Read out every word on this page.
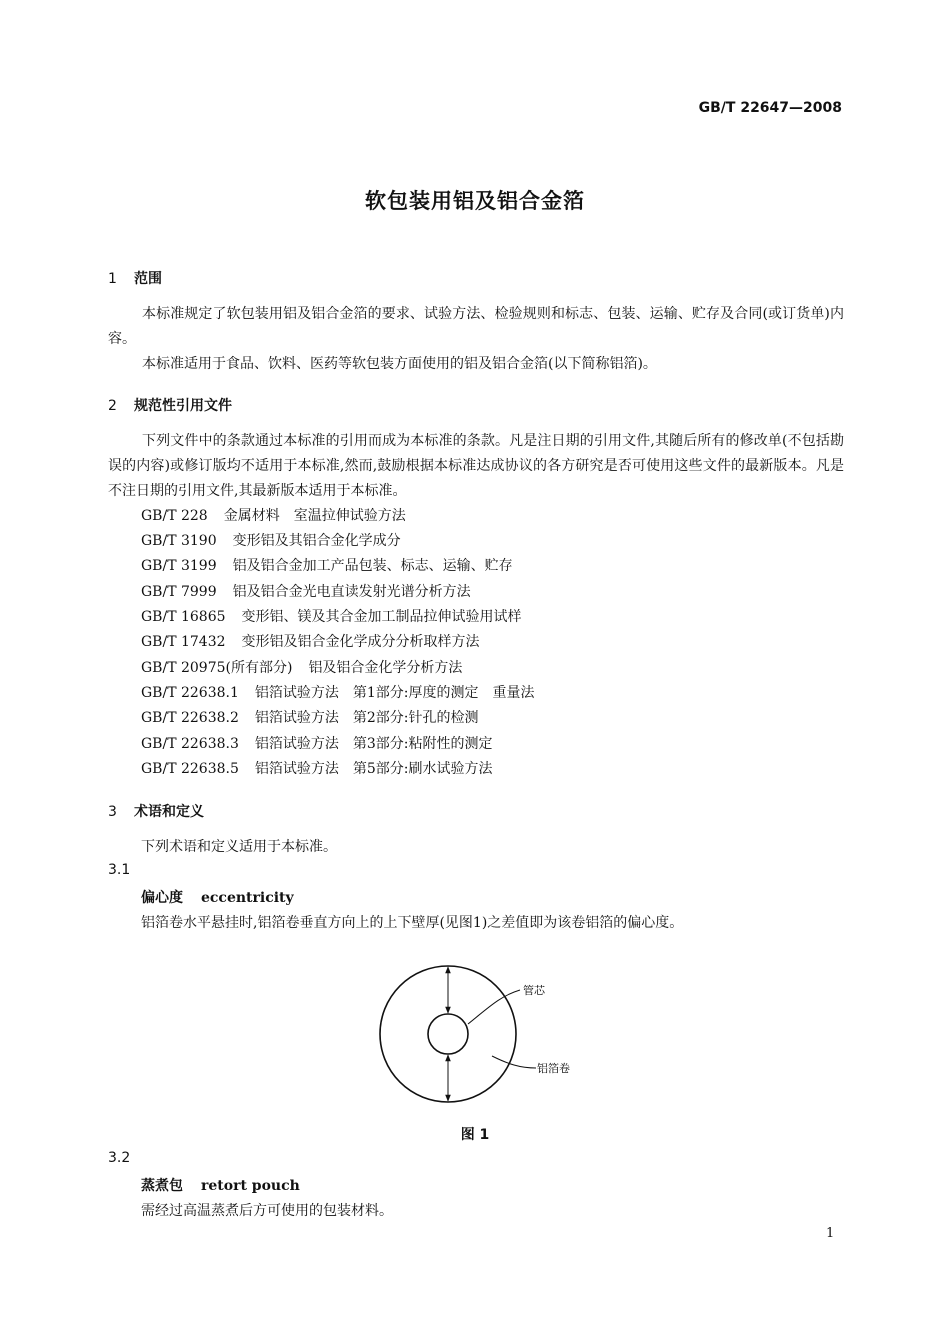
GB/T 22647—2008
软包装用铝及铝合金箔
1 范围
本标准规定了软包装用铝及铝合金箔的要求、试验方法、检验规则和标志、包装、运输、贮存及合同(或订货单)内容。
本标准适用于食品、饮料、医药等软包装方面使用的铝及铝合金箔(以下简称铝箔)。
2 规范性引用文件
下列文件中的条款通过本标准的引用而成为本标准的条款。凡是注日期的引用文件,其随后所有的修改单(不包括勘误的内容)或修订版均不适用于本标准,然而,鼓励根据本标准达成协议的各方研究是否可使用这些文件的最新版本。凡是不注日期的引用文件,其最新版本适用于本标准。
GB/T 228 金属材料　室温拉伸试验方法
GB/T 3190 变形铝及其铝合金化学成分
GB/T 3199 铝及铝合金加工产品包装、标志、运输、贮存
GB/T 7999 铝及铝合金光电直读发射光谱分析方法
GB/T 16865 变形铝、镁及其合金加工制品拉伸试验用试样
GB/T 17432 变形铝及铝合金化学成分分析取样方法
GB/T 20975(所有部分) 铝及铝合金化学分析方法
GB/T 22638.1 铝箔试验方法　第1部分:厚度的测定　重量法
GB/T 22638.2 铝箔试验方法　第2部分:针孔的检测
GB/T 22638.3 铝箔试验方法　第3部分:粘附性的测定
GB/T 22638.5 铝箔试验方法　第5部分:刷水试验方法
3 术语和定义
下列术语和定义适用于本标准。
3.1
偏心度 eccentricity
铝箔卷水平悬挂时,铝箔卷垂直方向上的上下壁厚(见图1)之差值即为该卷铝箔的偏心度。
管芯
铝箔卷
图 1
3.2
蒸煮包 retort pouch
需经过高温蒸煮后方可使用的包装材料。
1
